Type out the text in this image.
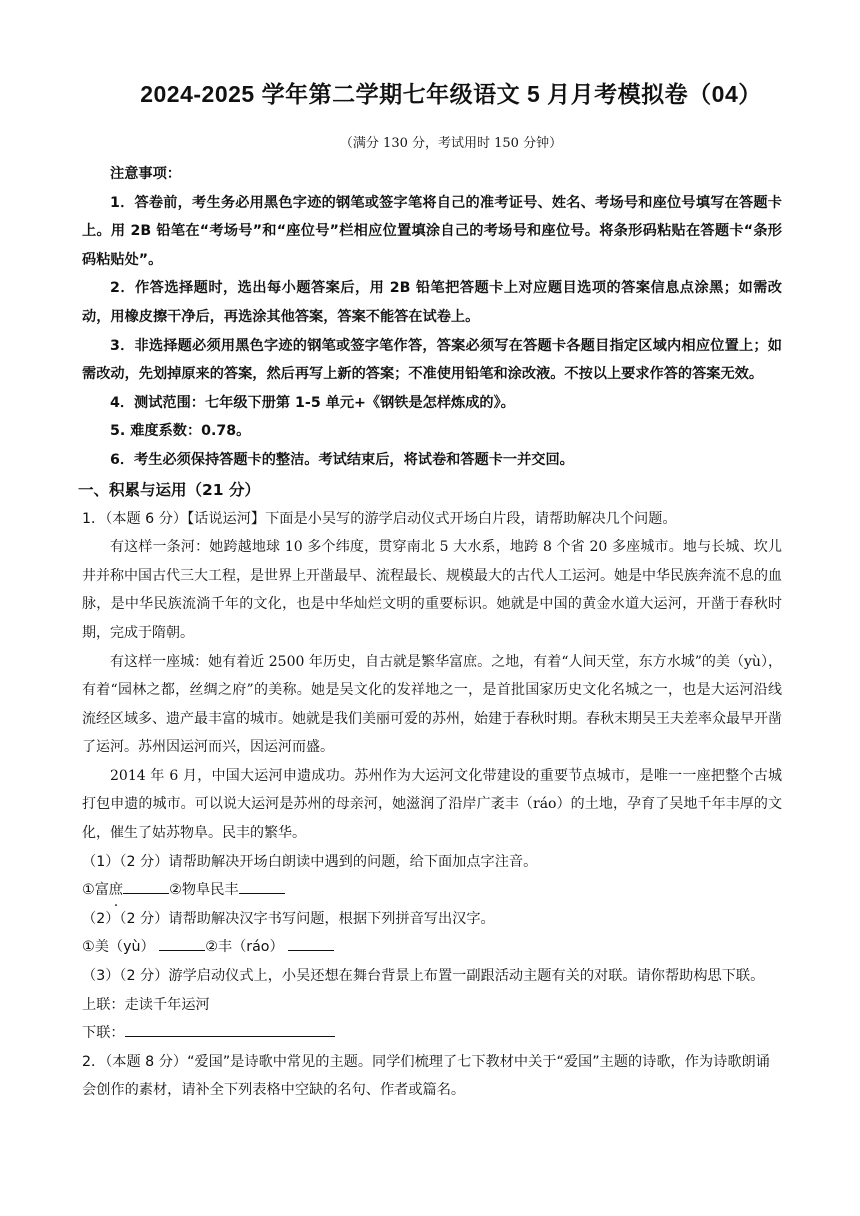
2024-2025 学年第二学期七年级语文 5 月月考模拟卷（04）

（满分 130 分，考试用时 150 分钟）

注意事项：

1．答卷前，考生务必用黑色字迹的钢笔或签字笔将自己的准考证号、姓名、考场号和座位号填写在答题卡上。用 2B 铅笔在“考场号”和“座位号”栏相应位置填涂自己的考场号和座位号。将条形码粘贴在答题卡“条形码粘贴处”。

2．作答选择题时，选出每小题答案后，用 2B 铅笔把答题卡上对应题目选项的答案信息点涂黑；如需改动，用橡皮擦干净后，再选涂其他答案，答案不能答在试卷上。

3．非选择题必须用黑色字迹的钢笔或签字笔作答，答案必须写在答题卡各题目指定区域内相应位置上；如需改动，先划掉原来的答案，然后再写上新的答案；不准使用铅笔和涂改液。不按以上要求作答的答案无效。

4．测试范围：七年级下册第 1-5 单元+《钢铁是怎样炼成的》。

5. 难度系数：0.78。

6．考生必须保持答题卡的整洁。考试结束后，将试卷和答题卡一并交回。

一、积累与运用（21 分）

1．（本题 6 分）【话说运河】下面是小吴写的游学启动仪式开场白片段，请帮助解决几个问题。

有这样一条河：她跨越地球 10 多个纬度，贯穿南北 5 大水系，地跨 8 个省 20 多座城市。地与长城、坎儿井并称中国古代三大工程，是世界上开凿最早、流程最长、规模最大的古代人工运河。她是中华民族奔流不息的血脉，是中华民族流淌千年的文化，也是中华灿烂文明的重要标识。她就是中国的黄金水道大运河，开凿于春秋时期，完成于隋朝。

有这样一座城：她有着近 2500 年历史，自古就是繁华富庶。之地，有着“人间天堂，东方水城”的美（yù），有着“园林之都，丝绸之府”的美称。她是吴文化的发祥地之一，是首批国家历史文化名城之一，也是大运河沿线流经区域多、遗产最丰富的城市。她就是我们美丽可爱的苏州，始建于春秋时期。春秋末期吴王夫差率众最早开凿了运河。苏州因运河而兴，因运河而盛。

2014 年 6 月，中国大运河申遗成功。苏州作为大运河文化带建设的重要节点城市，是唯一一座把整个古城打包申遗的城市。可以说大运河是苏州的母亲河，她滋润了沿岸广袤丰（ráo）的土地，孕育了吴地千年丰厚的文化，催生了姑苏物阜。民丰的繁华。

（1）（2 分）请帮助解决开场白朗读中遇到的问题，给下面加点字注音。

①富庶	②物阜民丰

（2）（2 分）请帮助解决汉字书写问题，根据下列拼音写出汉字。

①美（yù）	②丰（ráo）

（3）（2 分）游学启动仪式上，小吴还想在舞台背景上布置一副跟活动主题有关的对联。请你帮助构思下联。

上联：走读千年运河

下联：

2．（本题 8 分）“爱国”是诗歌中常见的主题。同学们梳理了七下教材中关于“爱国”主题的诗歌，作为诗歌朗诵会创作的素材，请补全下列表格中空缺的名句、作者或篇名。
